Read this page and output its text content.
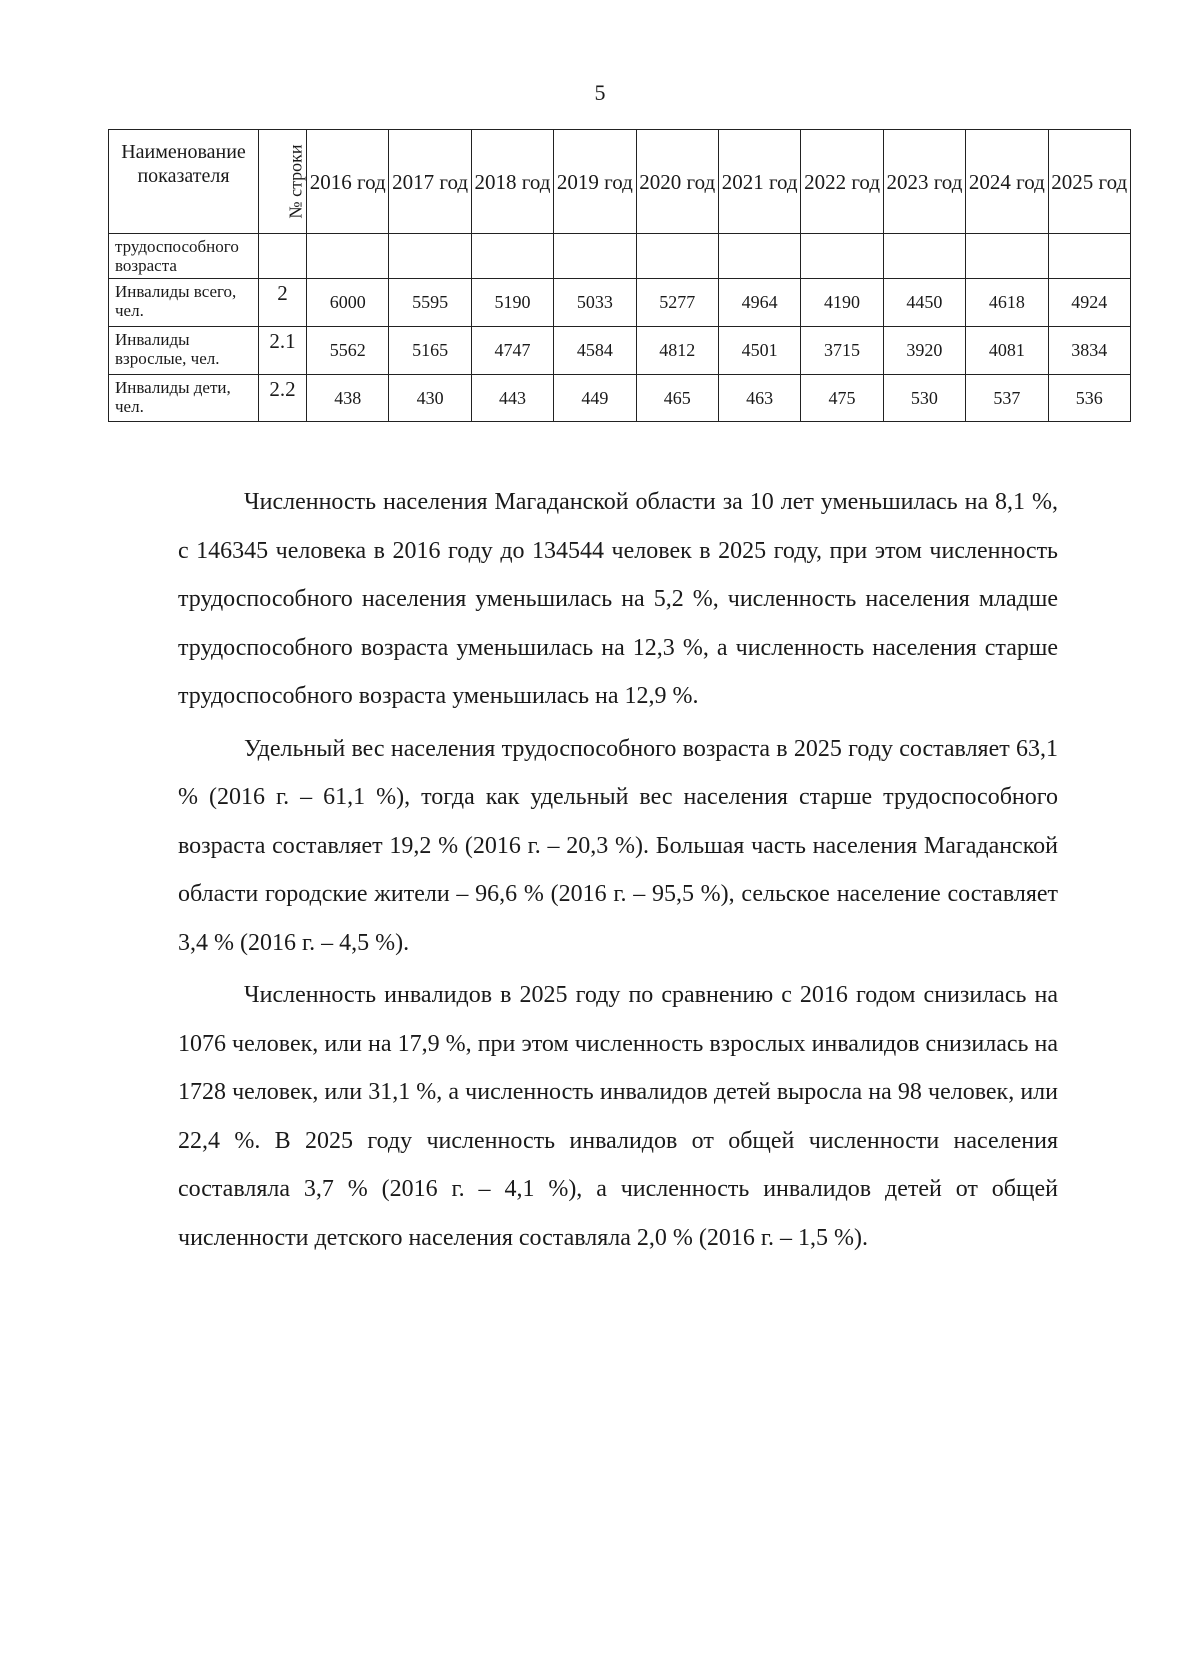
5
Наименование показателя	№ строки	2016 год	2017 год	2018 год	2019 год	2020 год	2021 год	2022 год	2023 год	2024 год	2025 год
трудоспособного возраста											
Инвалиды всего, чел.	2	6000	5595	5190	5033	5277	4964	4190	4450	4618	4924
Инвалиды взрослые, чел.	2.1	5562	5165	4747	4584	4812	4501	3715	3920	4081	3834
Инвалиды дети, чел.	2.2	438	430	443	449	465	463	475	530	537	536

Численность населения Магаданской области за 10 лет уменьшилась на 8,1 %, с 146345 человека в 2016 году до 134544 человек в 2025 году, при этом численность трудоспособного населения уменьшилась на 5,2 %, численность населения младше трудоспособного возраста уменьшилась на 12,3 %, а численность населения старше трудоспособного возраста уменьшилась на 12,9 %.

Удельный вес населения трудоспособного возраста в 2025 году составляет 63,1 % (2016 г. – 61,1 %), тогда как удельный вес населения старше трудоспособного возраста составляет 19,2 % (2016 г. – 20,3 %). Большая часть населения Магаданской области городские жители – 96,6 % (2016 г. – 95,5 %), сельское население составляет 3,4 % (2016 г. – 4,5 %).

Численность инвалидов в 2025 году по сравнению с 2016 годом снизилась на 1076 человек, или на 17,9 %, при этом численность взрослых инвалидов снизилась на 1728 человек, или 31,1 %, а численность инвалидов детей выросла на 98 человек, или 22,4 %. В 2025 году численность инвалидов от общей численности населения составляла 3,7 % (2016 г. – 4,1 %), а численность инвалидов детей от общей численности детского населения составляла 2,0 % (2016 г. – 1,5 %).
